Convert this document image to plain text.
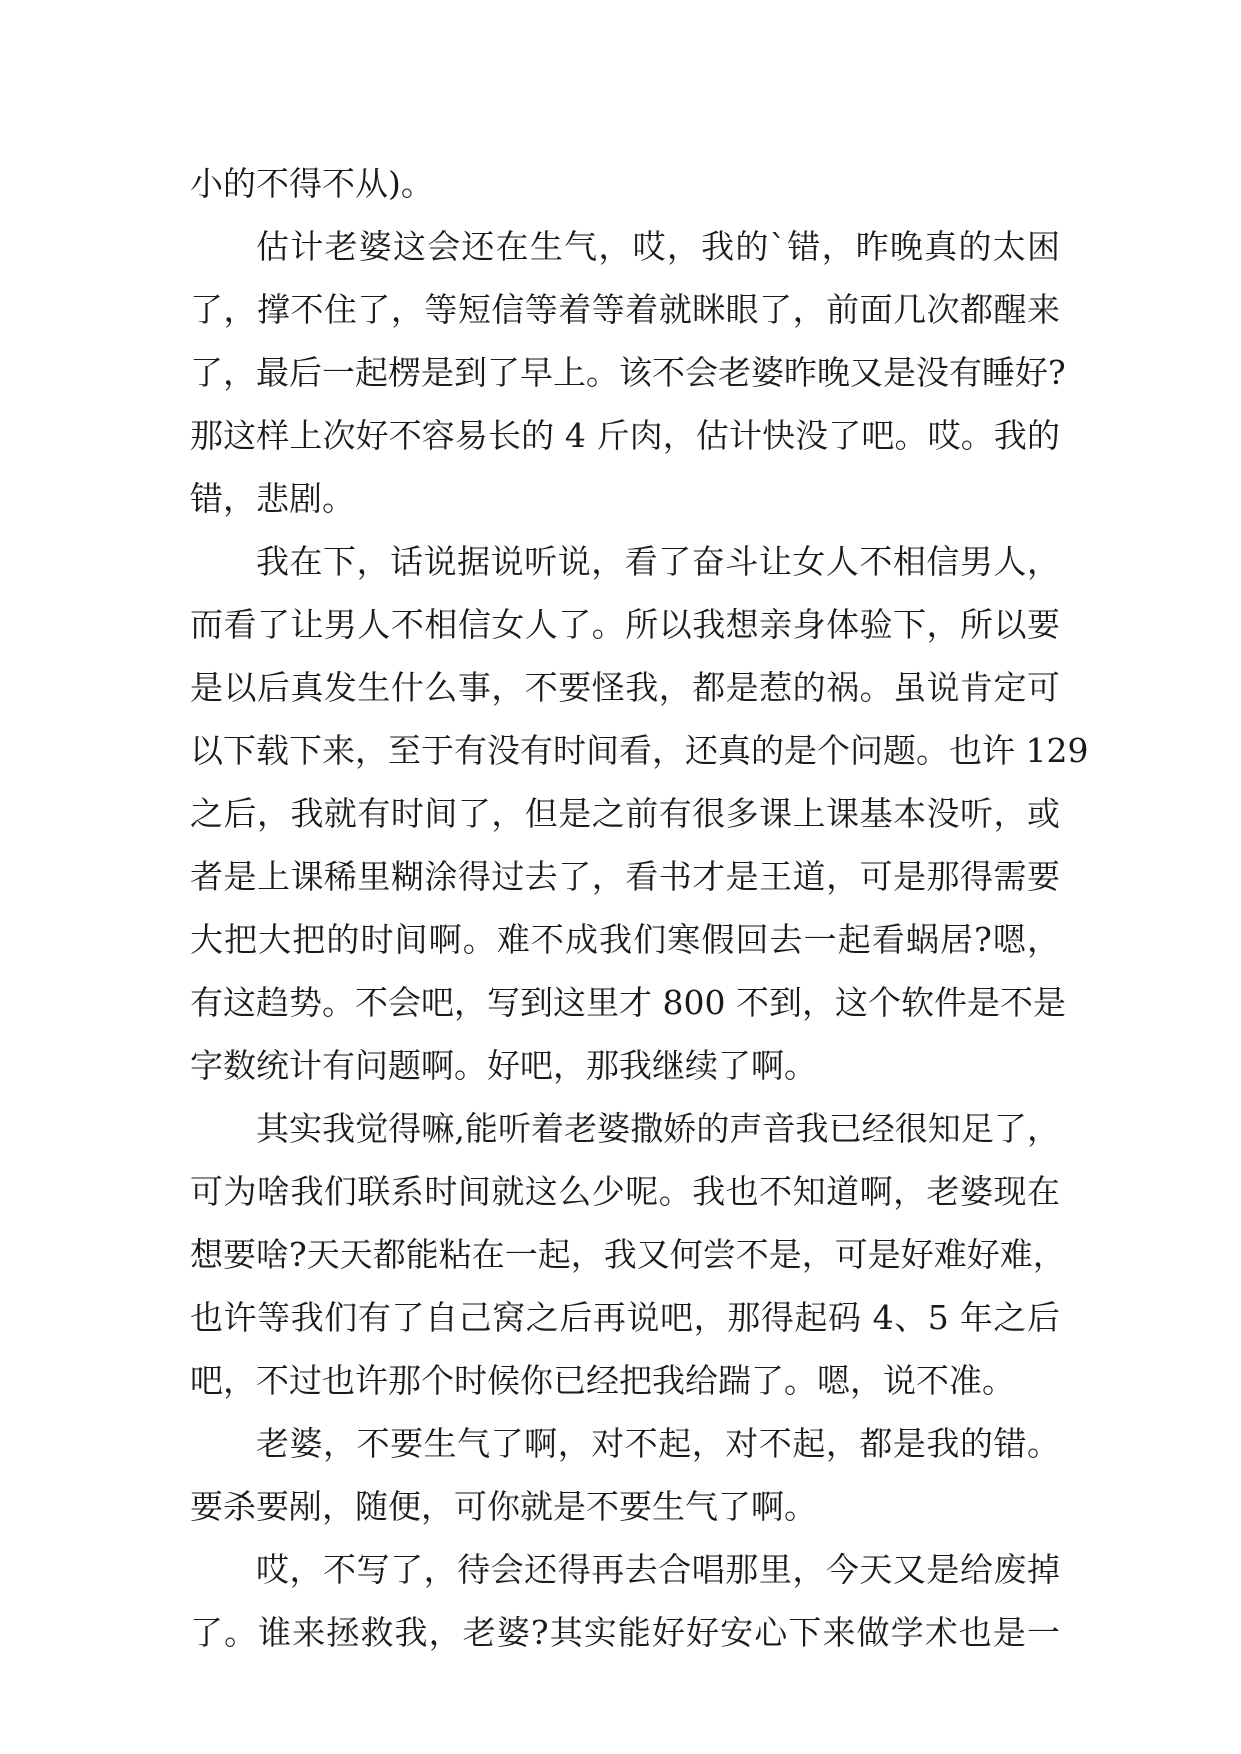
小的不得不从)。
估计老婆这会还在生气，哎，我的`错，昨晚真的太困
了，撑不住了，等短信等着等着就眯眼了，前面几次都醒来
了，最后一起楞是到了早上。该不会老婆昨晚又是没有睡好?
那这样上次好不容易长的 4 斤肉，估计快没了吧。哎。我的
错，悲剧。
我在下，话说据说听说，看了奋斗让女人不相信男人，
而看了让男人不相信女人了。所以我想亲身体验下，所以要
是以后真发生什么事，不要怪我，都是惹的祸。虽说肯定可
以下载下来，至于有没有时间看，还真的是个问题。也许 129
之后，我就有时间了，但是之前有很多课上课基本没听，或
者是上课稀里糊涂得过去了，看书才是王道，可是那得需要
大把大把的时间啊。难不成我们寒假回去一起看蜗居?嗯，
有这趋势。不会吧，写到这里才 800 不到，这个软件是不是
字数统计有问题啊。好吧，那我继续了啊。
其实我觉得嘛,能听着老婆撒娇的声音我已经很知足了，
可为啥我们联系时间就这么少呢。我也不知道啊，老婆现在
想要啥?天天都能粘在一起，我又何尝不是，可是好难好难，
也许等我们有了自己窝之后再说吧，那得起码 4、5 年之后
吧，不过也许那个时候你已经把我给踹了。嗯，说不准。
老婆，不要生气了啊，对不起，对不起，都是我的错。
要杀要剐，随便，可你就是不要生气了啊。
哎，不写了，待会还得再去合唱那里，今天又是给废掉
了。谁来拯救我，老婆?其实能好好安心下来做学术也是一
